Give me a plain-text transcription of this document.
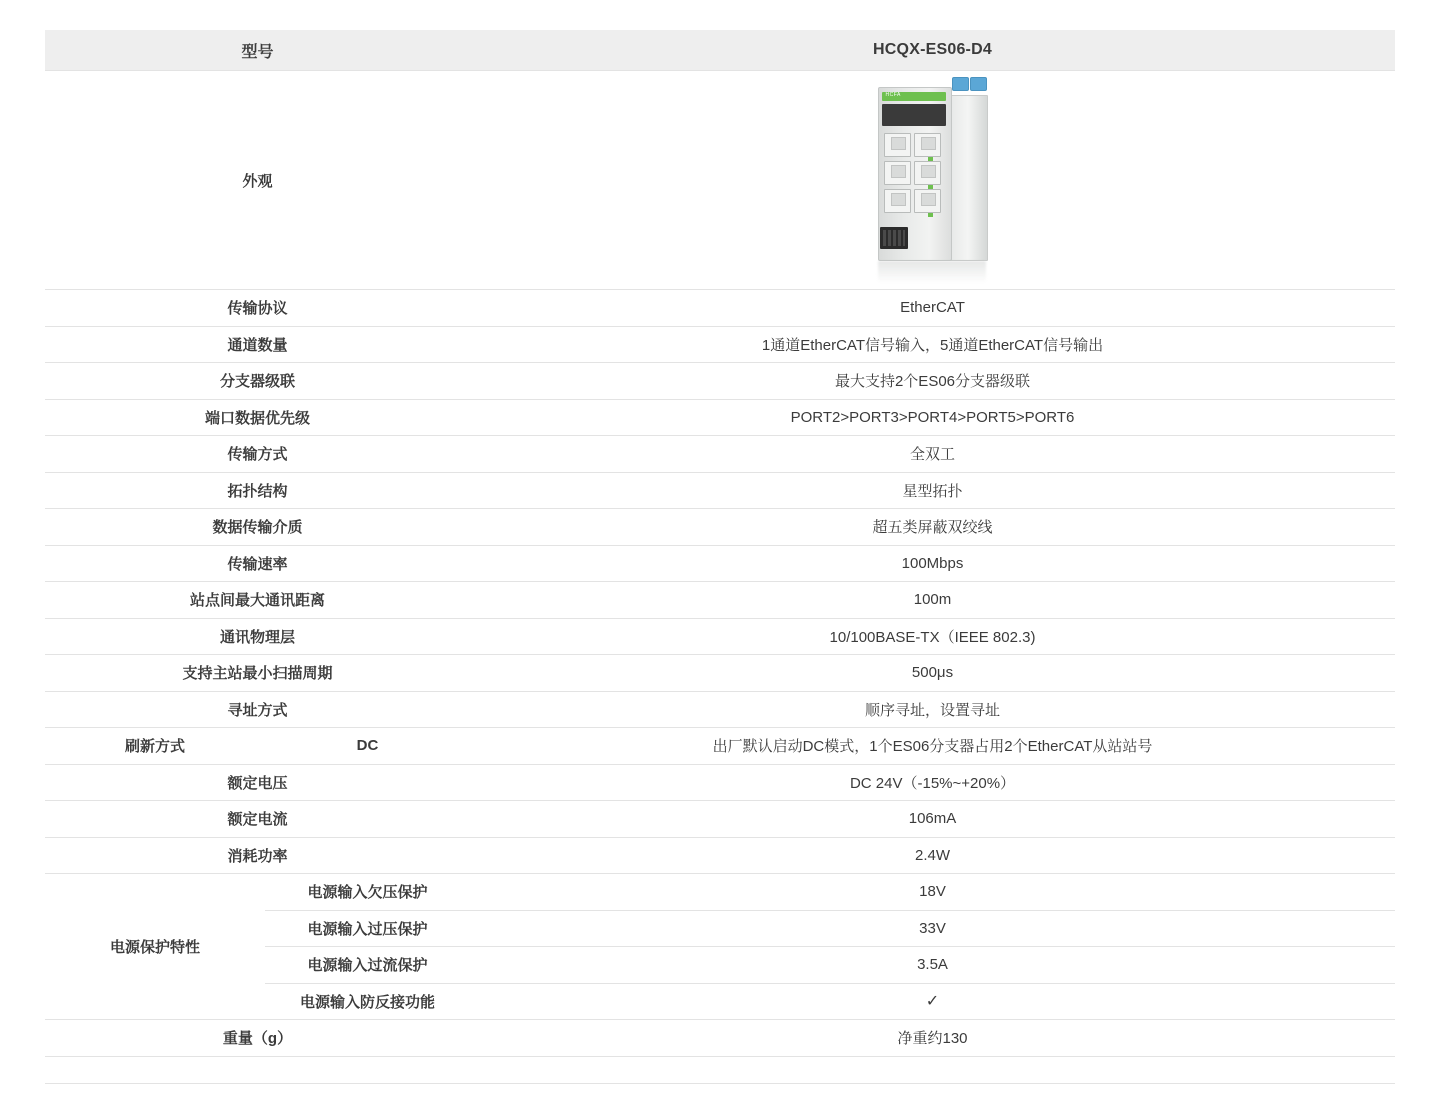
型号		HCQX-ES06-D4
外观		HCFA

传输协议		EtherCAT
通道数量		1通道EtherCAT信号输入，5通道EtherCAT信号输出
分支器级联		最大支持2个ES06分支器级联
端口数据优先级		PORT2>PORT3>PORT4>PORT5>PORT6
传输方式		全双工
拓扑结构		星型拓扑
数据传输介质		超五类屏蔽双绞线
传输速率		100Mbps
站点间最大通讯距离		100m
通讯物理层		10/100BASE-TX（IEEE 802.3)
支持主站最小扫描周期		500μs
寻址方式		顺序寻址，设置寻址
刷新方式	DC	出厂默认启动DC模式，1个ES06分支器占用2个EtherCAT从站站号
额定电压		DC 24V（-15%~+20%）
额定电流		106mA
消耗功率		2.4W
电源保护特性	电源输入欠压保护	18V
	电源输入过压保护	33V
	电源输入过流保护	3.5A
	电源输入防反接功能	✓
重量（g）		净重约130
